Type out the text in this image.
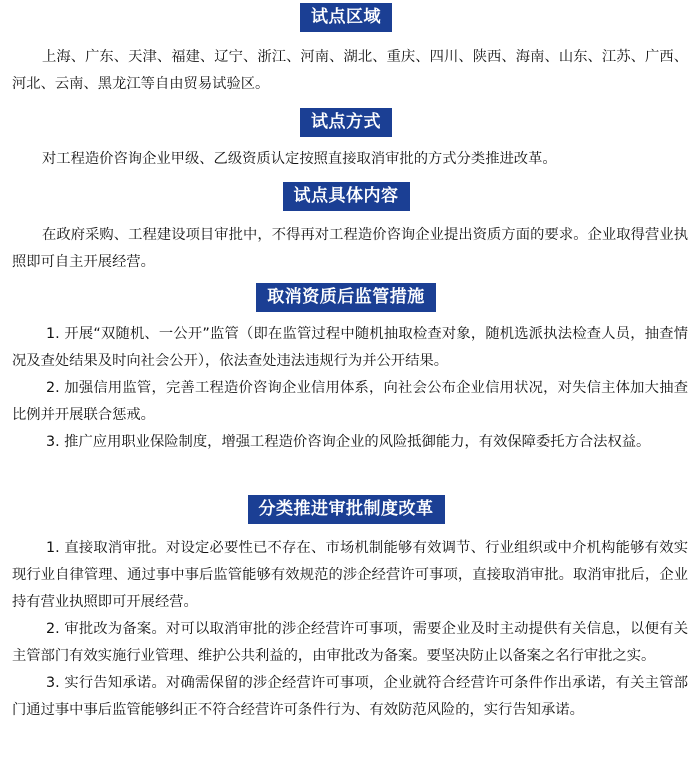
试点区域

上海、广东、天津、福建、辽宁、浙江、河南、湖北、重庆、四川、陕西、海南、山东、江苏、广西、河北、云南、黑龙江等自由贸易试验区。

试点方式

对工程造价咨询企业甲级、乙级资质认定按照直接取消审批的方式分类推进改革。

试点具体内容

在政府采购、工程建设项目审批中，不得再对工程造价咨询企业提出资质方面的要求。企业取得营业执照即可自主开展经营。

取消资质后监管措施

1. 开展“双随机、一公开”监管（即在监管过程中随机抽取检查对象，随机选派执法检查人员，抽查情况及查处结果及时向社会公开），依法查处违法违规行为并公开结果。

2. 加强信用监管，完善工程造价咨询企业信用体系，向社会公布企业信用状况，对失信主体加大抽查比例并开展联合惩戒。

3. 推广应用职业保险制度，增强工程造价咨询企业的风险抵御能力，有效保障委托方合法权益。

分类推进审批制度改革

1. 直接取消审批。对设定必要性已不存在、市场机制能够有效调节、行业组织或中介机构能够有效实现行业自律管理、通过事中事后监管能够有效规范的涉企经营许可事项，直接取消审批。取消审批后，企业持有营业执照即可开展经营。

2. 审批改为备案。对可以取消审批的涉企经营许可事项，需要企业及时主动提供有关信息，以便有关主管部门有效实施行业管理、维护公共利益的，由审批改为备案。要坚决防止以备案之名行审批之实。

3. 实行告知承诺。对确需保留的涉企经营许可事项，企业就符合经营许可条件作出承诺，有关主管部门通过事中事后监管能够纠正不符合经营许可条件行为、有效防范风险的，实行告知承诺。
